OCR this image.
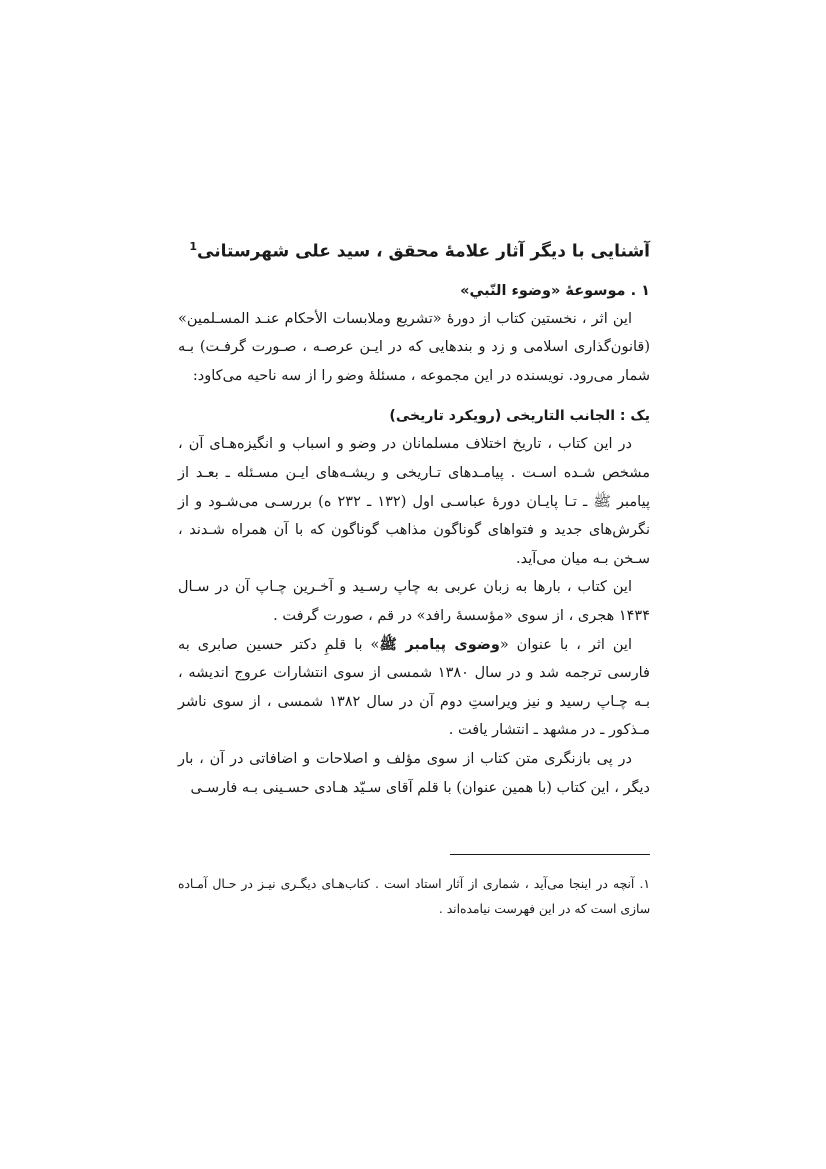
آشنایی با دیگر آثار علامهٔ محقق ، سید علی شهرستانی$^1$
۱ . موسوعهٔ «وضوء النّبي»

این اثر ، نخستین کتاب از دورهٔ «تشریع وملابسات الأحکام عنـد المسـلمین» (قانون‌گذاری اسلامی و زد و بندهایی که در ایـن عرصـه ، صـورت گرفـت) بـه شمار می‌رود. نویسنده در این مجموعه ، مسئلهٔ وضو را از سه ناحیه می‌کاود:

یک : الجانب التاریخی (رویکرد تاریخی)

در این کتاب ، تاریخ اختلاف مسلمانان در وضو و اسباب و انگیزه‌هـای آن ، مشخص شـده اسـت . پیامـدهای تـاریخی و ریشـه‌های ایـن مسـئله ـ بعـد از پیامبر ﷺ ـ تـا پایـان دورهٔ عباسـی اول (۱۳۲ ـ ۲۳۲ ه) بررسـی می‌شـود و از نگرش‌های جدید و فتواهای گوناگون مذاهب گوناگون که با آن همراه شـدند ، سـخن بـه میان می‌آید.

این کتاب ، بارها به زبان عربی به چاپ رسـید و آخـرین چـاپ آن در سـال ۱۴۳۴ هجری ، از سوی «مؤسسهٔ رافد» در قم ، صورت گرفت .

این اثر ، با عنوان «وضوی پیامبر ﷺ» با قلمِ دکتر حسین صابری به فارسی ترجمه شد و در سال ۱۳۸۰ شمسی از سوی انتشارات عروج اندیشه ، بـه چـاپ رسید و نیز ویراستِ دوم آن در سال ۱۳۸۲ شمسی ، از سوی ناشر مـذکور ـ در مشهد ـ انتشار یافت .

در پی بازنگری متن کتاب از سوی مؤلف و اصلاحات و اضافاتی در آن ، بار دیگر ، این کتاب (با همین عنوان) با قلم آقای سـیّد هـادی حسـینی بـه فارسـی

۱. آنچه در اینجا می‌آید ، شماری از آثار استاد است . کتاب‌هـای دیگـری نیـز در حـال آمـاده سازی است که در این فهرست نیامده‌اند .
